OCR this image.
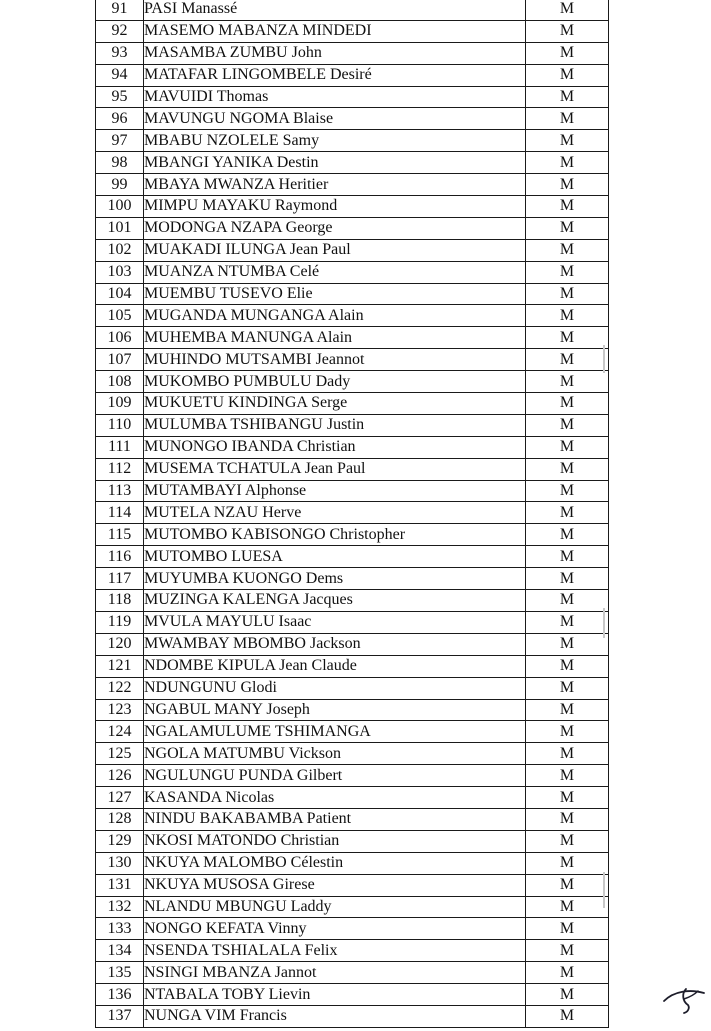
91	PASI Manassé	M
92	MASEMO MABANZA MINDEDI	M
93	MASAMBA ZUMBU John	M
94	MATAFAR LINGOMBELE Desiré	M
95	MAVUIDI Thomas	M
96	MAVUNGU NGOMA Blaise	M
97	MBABU NZOLELE Samy	M
98	MBANGI YANIKA Destin	M
99	MBAYA MWANZA Heritier	M
100	MIMPU MAYAKU Raymond	M
101	MODONGA NZAPA George	M
102	MUAKADI ILUNGA Jean Paul	M
103	MUANZA NTUMBA Celé	M
104	MUEMBU TUSEVO Elie	M
105	MUGANDA MUNGANGA Alain	M
106	MUHEMBA MANUNGA Alain	M
107	MUHINDO MUTSAMBI Jeannot	M
108	MUKOMBO PUMBULU Dady	M
109	MUKUETU KINDINGA Serge	M
110	MULUMBA TSHIBANGU Justin	M
111	MUNONGO IBANDA Christian	M
112	MUSEMA TCHATULA Jean Paul	M
113	MUTAMBAYI Alphonse	M
114	MUTELA NZAU Herve	M
115	MUTOMBO KABISONGO Christopher	M
116	MUTOMBO LUESA	M
117	MUYUMBA KUONGO Dems	M
118	MUZINGA KALENGA Jacques	M
119	MVULA MAYULU Isaac	M
120	MWAMBAY MBOMBO Jackson	M
121	NDOMBE KIPULA Jean Claude	M
122	NDUNGUNU Glodi	M
123	NGABUL MANY Joseph	M
124	NGALAMULUME TSHIMANGA	M
125	NGOLA MATUMBU Vickson	M
126	NGULUNGU PUNDA Gilbert	M
127	KASANDA Nicolas	M
128	NINDU BAKABAMBA Patient	M
129	NKOSI MATONDO Christian	M
130	NKUYA MALOMBO Célestin	M
131	NKUYA MUSOSA Girese	M
132	NLANDU MBUNGU Laddy	M
133	NONGO KEFATA Vinny	M
134	NSENDA TSHIALALA Felix	M
135	NSINGI MBANZA Jannot	M
136	NTABALA TOBY Lievin	M
137	NUNGA VIM Francis	M
